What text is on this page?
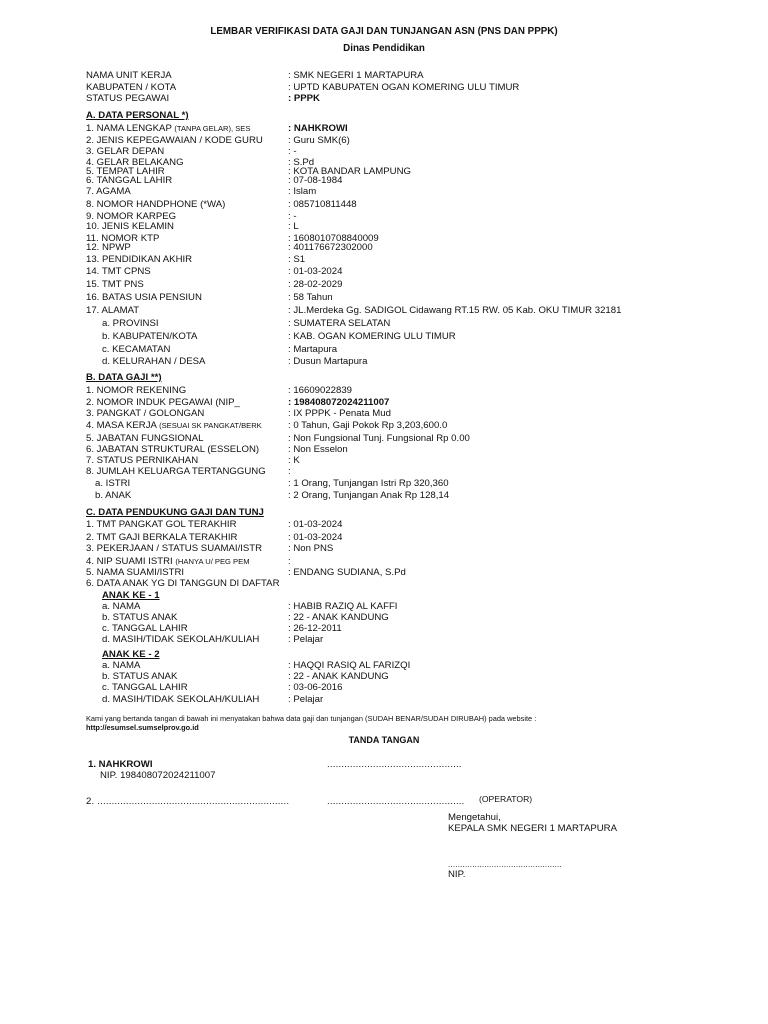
LEMBAR VERIFIKASI DATA GAJI DAN TUNJANGAN ASN (PNS DAN PPPK)
Dinas Pendidikan
NAMA UNIT KERJA	: SMK NEGERI 1 MARTAPURA
KABUPATEN / KOTA	: UPTD KABUPATEN OGAN KOMERING ULU TIMUR
STATUS PEGAWAI	: PPPK
A. DATA PERSONAL *)
1. NAMA LENGKAP (TANPA GELAR), SES	: NAHKROWI
2. JENIS KEPEGAWAIAN / KODE GURU	: Guru SMK(6)
3. GELAR DEPAN	: -
4. GELAR BELAKANG	: S.Pd
5. TEMPAT LAHIR	: KOTA BANDAR LAMPUNG
6. TANGGAL LAHIR	: 07-08-1984
7. AGAMA	: Islam
8. NOMOR HANDPHONE (*WA)	: 085710811448
9. NOMOR KARPEG	: -
10. JENIS KELAMIN	: L
11. NOMOR KTP	: 1608010708840009
12. NPWP	: 401176672302000
13. PENDIDIKAN AKHIR	: S1
14. TMT CPNS	: 01-03-2024
15. TMT PNS	: 28-02-2029
16. BATAS USIA PENSIUN	: 58 Tahun
17. ALAMAT	: JL.Merdeka Gg. SADIGOL Cidawang RT.15 RW. 05 Kab. OKU TIMUR 32181
a. PROVINSI	: SUMATERA SELATAN
b. KABUPATEN/KOTA	: KAB. OGAN KOMERING ULU TIMUR
c. KECAMATAN	: Martapura
d. KELURAHAN / DESA	: Dusun Martapura
B. DATA GAJI **)
1. NOMOR REKENING	: 16609022839
2. NOMOR INDUK PEGAWAI (NIP_	: 198408072024211007
3. PANGKAT / GOLONGAN	: IX PPPK - Penata Mud
4. MASA KERJA (SESUAI SK PANGKAT/BERK	: 0 Tahun, Gaji Pokok Rp 3,203,600.0
5. JABATAN FUNGSIONAL	: Non Fungsional Tunj. Fungsional Rp 0.00
6. JABATAN STRUKTURAL (ESSELON)	: Non Esselon
7. STATUS PERNIKAHAN	: K
8. JUMLAH KELUARGA TERTANGGUNG :
a. ISTRI	: 1 Orang, Tunjangan Istri Rp 320,360
b. ANAK	: 2 Orang, Tunjangan Anak Rp 128,14
C. DATA PENDUKUNG GAJI DAN TUNJ
1. TMT PANGKAT GOL TERAKHIR	: 01-03-2024
2. TMT GAJI BERKALA TERAKHIR	: 01-03-2024
3. PEKERJAAN / STATUS SUAMAI/ISTR	: Non PNS
4. NIP SUAMI ISTRI (HANYA U/ PEG PEM	:
5. NAMA SUAMI/ISTRI	: ENDANG SUDIANA, S.Pd
6. DATA ANAK YG DI TANGGUN DI DAFTAR
ANAK KE - 1
a. NAMA	: HABIB RAZIQ AL KAFFI
b. STATUS ANAK	: 22 - ANAK KANDUNG
c. TANGGAL LAHIR	: 26-12-2011
d. MASIH/TIDAK SEKOLAH/KULIAH	: Pelajar
ANAK KE - 2
a. NAMA	: HAQQI RASIQ AL FARIZQI
b. STATUS ANAK	: 22 - ANAK KANDUNG
c. TANGGAL LAHIR	: 03-06-2016
d. MASIH/TIDAK SEKOLAH/KULIAH	: Pelajar
Kami yang bertanda tangan di bawah ini menyatakan bahwa data gaji dan tunjangan (SUDAH BENAR/SUDAH DIRUBAH) pada website :
http://esumsel.sumselprov.go.id
TANDA TANGAN
1. NAHKROWI	...............................................
NIP. 198408072024211007
2. ...................................................................	................................................ (OPERATOR)
Mengetahui,
KEPALA SMK NEGERI 1 MARTAPURA
...............................................
NIP.
